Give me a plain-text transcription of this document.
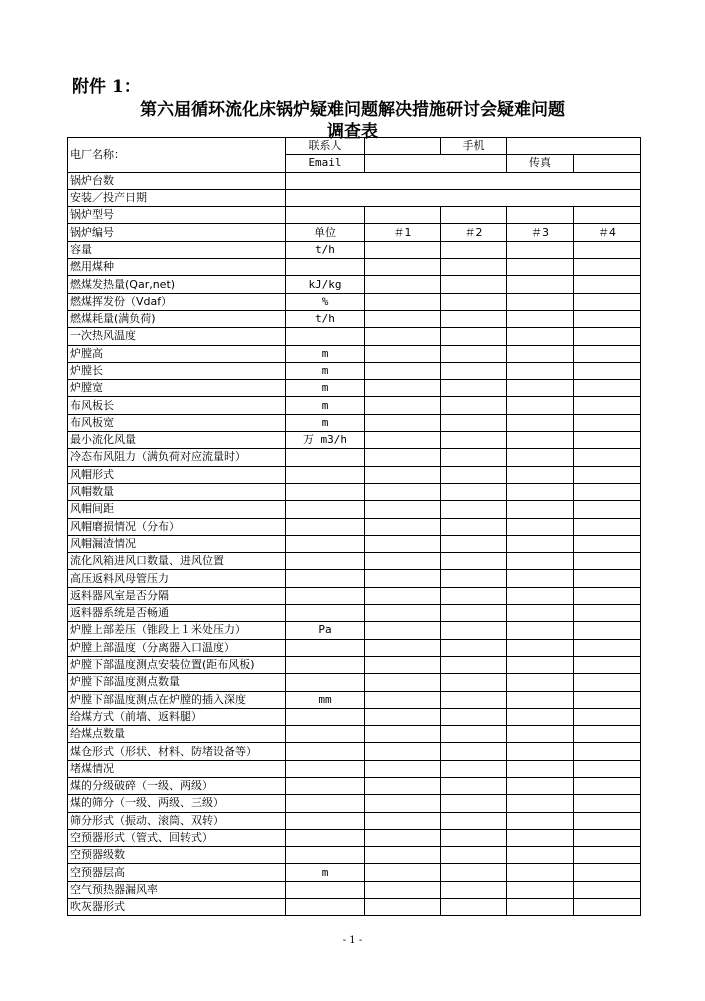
附件 1：
第六届循环流化床锅炉疑难问题解决措施研讨会疑难问题
调查表
电厂名称：	联系人		手机		
	Email			传真	
锅炉台数					
安装／投产日期					
锅炉型号					
锅炉编号	单位	＃1	＃2	＃3	＃4
容量	t/h				
燃用煤种					
燃煤发热量(Qar,net)	kJ/kg				
燃煤挥发份（Vdaf）	%				
燃煤耗量(满负荷)	t/h				
一次热风温度					
炉膛高	m				
炉膛长	m				
炉膛宽	m				
布风板长	m				
布风板宽	m				
最小流化风量	万 m3/h				
冷态布风阻力（满负荷对应流量时）					
风帽形式					
风帽数量					
风帽间距					
风帽磨损情况（分布）					
风帽漏渣情况					
流化风箱进风口数量、进风位置					
高压返料风母管压力					
返料器风室是否分隔					
返料器系统是否畅通					
炉膛上部差压（锥段上１米处压力）	Pa				
炉膛上部温度（分离器入口温度）					
炉膛下部温度测点安装位置(距布风板)					
炉膛下部温度测点数量					
炉膛下部温度测点在炉膛的插入深度	mm				
给煤方式（前墙、返料腿）					
给煤点数量					
煤仓形式（形状、材料、防堵设备等）					
堵煤情况					
煤的分级破碎（一级、两级）					
煤的筛分（一级、两级、三级）					
筛分形式（振动、滚筒、双转）					
空预器形式（管式、回转式）					
空预器级数					
空预器层高	m				
空气预热器漏风率					
吹灰器形式					
- 1 -
